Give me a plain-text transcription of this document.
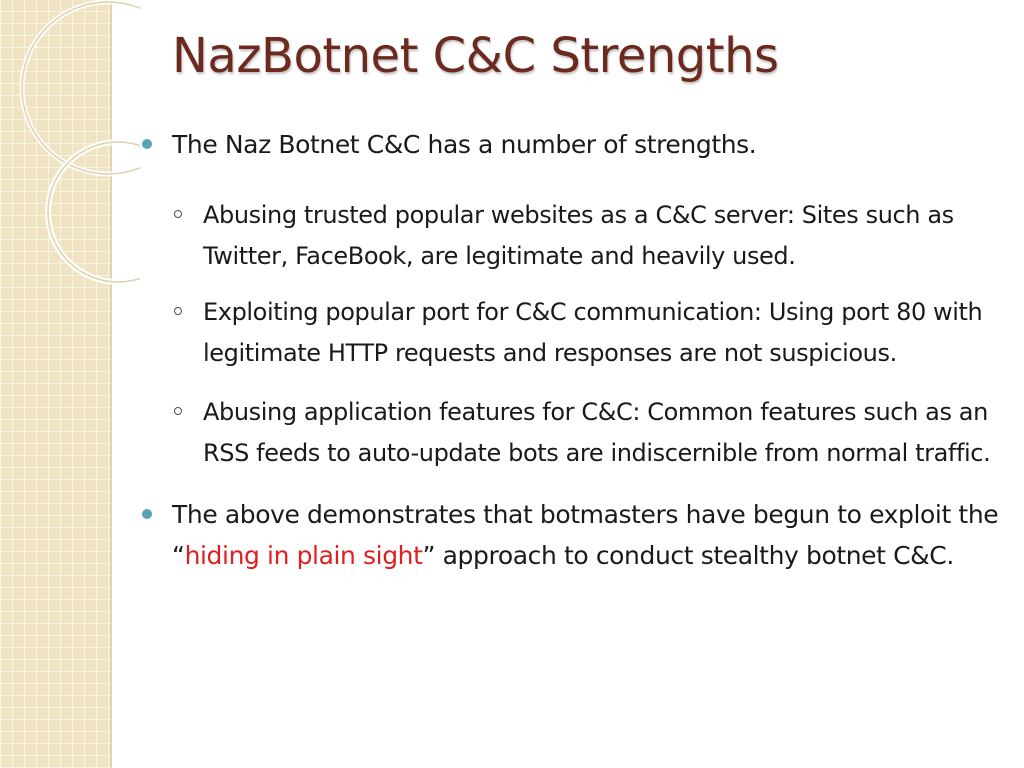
NazBotnet C&C Strengths

The Naz Botnet C&C has a number of strengths.

Abusing trusted popular websites as a C&C server: Sites such as Twitter, FaceBook, are legitimate and heavily used.

Exploiting popular port for C&C communication: Using port 80 with legitimate HTTP requests and responses are not suspicious.

Abusing application features for C&C: Common features such as an RSS feeds to auto-update bots are indiscernible from normal traffic.

The above demonstrates that botmasters have begun to exploit the “hiding in plain sight” approach to conduct stealthy botnet C&C.
